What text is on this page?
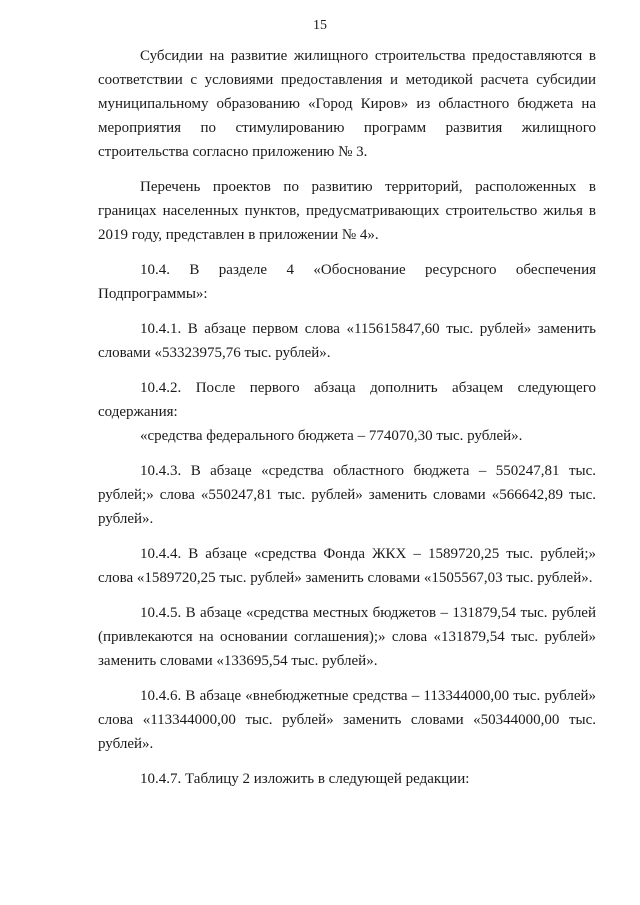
15

Субсидии на развитие жилищного строительства предоставляются в соответствии с условиями предоставления и методикой расчета субсидии муниципальному образованию «Город Киров» из областного бюджета на мероприятия по стимулированию программ развития жилищного строительства согласно приложению № 3.

Перечень проектов по развитию территорий, расположенных в границах населенных пунктов, предусматривающих строительство жилья в 2019 году, представлен в приложении № 4».

10.4. В разделе 4 «Обоснование ресурсного обеспечения Подпрограммы»:

10.4.1. В абзаце первом слова «115615847,60 тыс. рублей» заменить словами «53323975,76 тыс. рублей».

10.4.2. После первого абзаца дополнить абзацем следующего содержания:

«средства федерального бюджета – 774070,30 тыс. рублей».

10.4.3. В абзаце «средства областного бюджета – 550247,81 тыс. рублей;» слова «550247,81 тыс. рублей» заменить словами «566642,89 тыс. рублей».

10.4.4. В абзаце «средства Фонда ЖКХ – 1589720,25 тыс. рублей;» слова «1589720,25 тыс. рублей» заменить словами «1505567,03 тыс. рублей».

10.4.5. В абзаце «средства местных бюджетов – 131879,54 тыс. рублей (привлекаются на основании соглашения);» слова «131879,54 тыс. рублей» заменить словами «133695,54 тыс. рублей».

10.4.6. В абзаце «внебюджетные средства – 113344000,00 тыс. рублей» слова «113344000,00 тыс. рублей» заменить словами «50344000,00 тыс. рублей».

10.4.7. Таблицу 2 изложить в следующей редакции:
